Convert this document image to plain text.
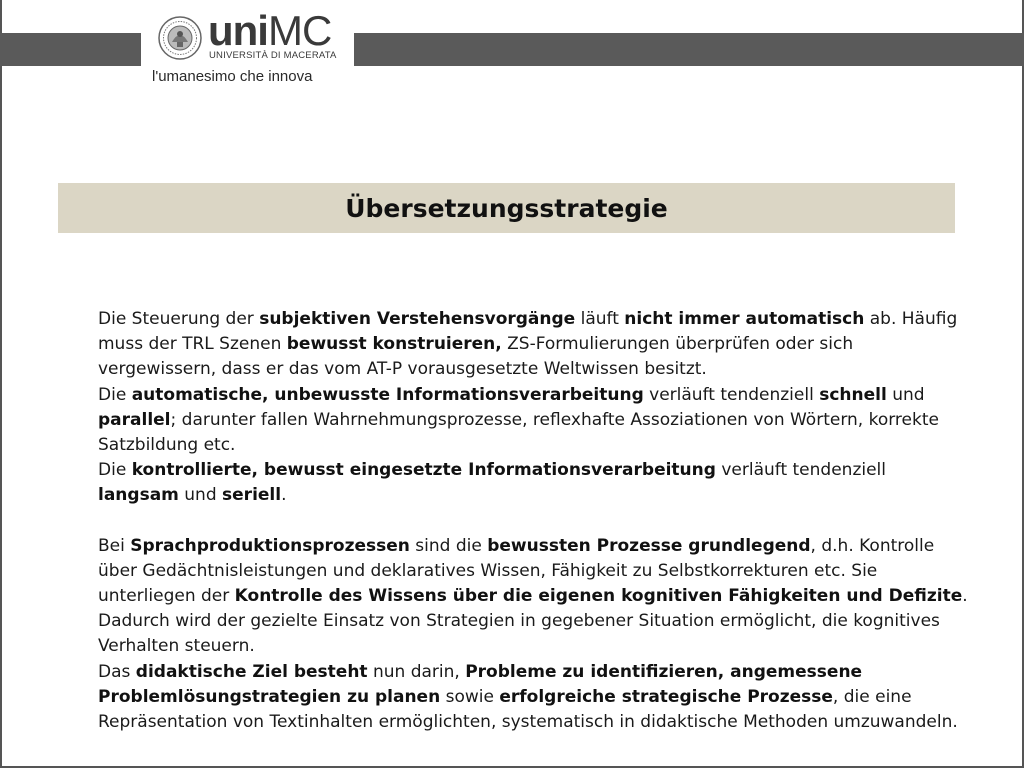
uniMC
UNIVERSITÀ DI MACERATA
l'umanesimo che innova
Übersetzungsstrategie

Die Steuerung der subjektiven Verstehensvorgänge läuft nicht immer automatisch ab. Häufig muss der TRL Szenen bewusst konstruieren, ZS-Formulierungen überprüfen oder sich vergewissern, dass er das vom AT-P vorausgesetzte Weltwissen besitzt.

Die automatische, unbewusste Informationsverarbeitung verläuft tendenziell schnell und parallel; darunter fallen Wahrnehmungsprozesse, reflexhafte Assoziationen von Wörtern, korrekte Satzbildung etc.

Die kontrollierte, bewusst eingesetzte Informationsverarbeitung verläuft tendenziell langsam und seriell.

Bei Sprachproduktionsprozessen sind die bewussten Prozesse grundlegend, d.h. Kontrolle über Gedächtnisleistungen und deklaratives Wissen, Fähigkeit zu Selbstkorrekturen etc. Sie unterliegen der Kontrolle des Wissens über die eigenen kognitiven Fähigkeiten und Defizite. Dadurch wird der gezielte Einsatz von Strategien in gegebener Situation ermöglicht, die kognitives Verhalten steuern.

Das didaktische Ziel besteht nun darin, Probleme zu identifizieren, angemessene Problemlösungstrategien zu planen sowie erfolgreiche strategische Prozesse, die eine Repräsentation von Textinhalten ermöglichten, systematisch in didaktische Methoden umzuwandeln.
